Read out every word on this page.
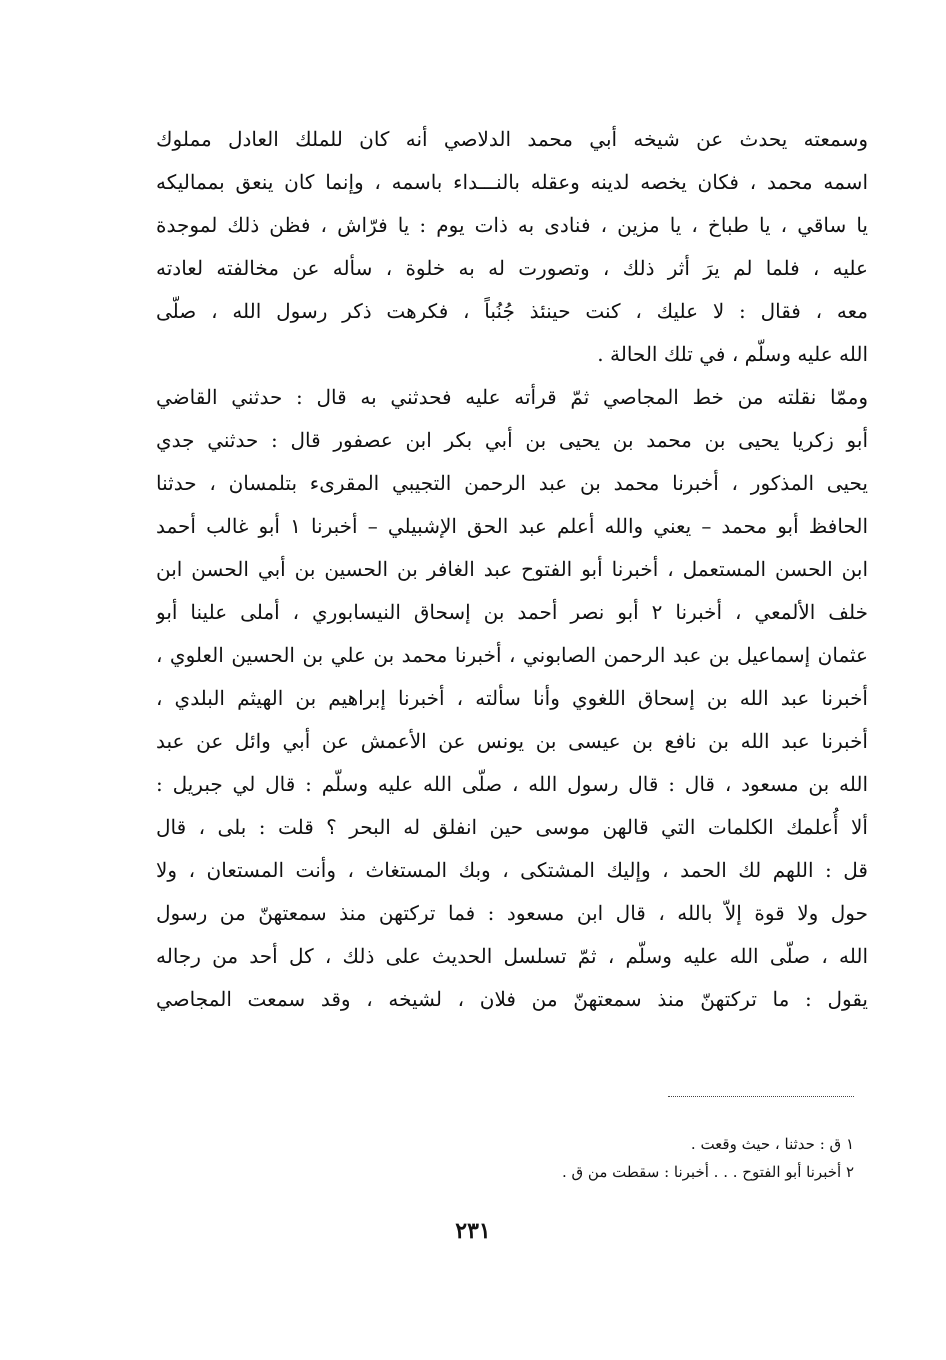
وسمعته يحدث عن شيخه أبي محمد الدلاصي أنه كان للملك العادل مملوك
اسمه محمد ، فكان يخصه لدينه وعقله بالنـــداء باسمه ، وإنما كان ينعق بمماليكه
يا ساقي ، يا طباخ ، يا مزين ، فنادى به ذات يوم : يا فرّاش ، فظن ذلك لموجدة
عليه ، فلما لم يرَ أثر ذلك ، وتصورت له به خلوة ، سأله عن مخالفته لعادته
معه ، فقال : لا عليك ، كنت حينئذ جُنُباً ، فكرهت ذكر رسول الله ، صلّى
الله عليه وسلّم ، في تلك الحالة .
وممّا نقلته من خط المجاصي ثمّ قرأته عليه فحدثني به قال : حدثني القاضي
أبو زكريا يحيى بن محمد بن يحيى بن أبي بكر ابن عصفور قال : حدثني جدي
يحيى المذكور ، أخبرنا محمد بن عبد الرحمن التجيبي المقرىء بتلمسان ، حدثنا
الحافظ أبو محمد – يعني والله أعلم عبد الحق الإشبيلي – أخبرنا ١ أبو غالب أحمد
ابن الحسن المستعمل ، أخبرنا أبو الفتوح عبد الغافر بن الحسين بن أبي الحسن ابن
خلف الألمعي ، أخبرنا ٢ أبو نصر أحمد بن إسحاق النيسابوري ، أملى علينا أبو
عثمان إسماعيل بن عبد الرحمن الصابوني ، أخبرنا محمد بن علي بن الحسين العلوي ،
أخبرنا عبد الله بن إسحاق اللغوي وأنا سألته ، أخبرنا إبراهيم بن الهيثم البلدي ،
أخبرنا عبد الله بن نافع بن عيسى بن يونس عن الأعمش عن أبي وائل عن عبد
الله بن مسعود ، قال : قال رسول الله ، صلّى الله عليه وسلّم : قال لي جبريل :
ألا أُعلمك الكلمات التي قالهن موسى حين انفلق له البحر ؟ قلت : بلى ، قال
قل : اللهم لك الحمد ، وإليك المشتكى ، وبك المستغاث ، وأنت المستعان ، ولا
حول ولا قوة إلاّ بالله ، قال ابن مسعود : فما تركتهن منذ سمعتهنّ من رسول
الله ، صلّى الله عليه وسلّم ، ثمّ تسلسل الحديث على ذلك ، كل أحد من رجاله
يقول : ما تركتهنّ منذ سمعتهنّ من فلان ، لشيخه ، وقد سمعت المجاصي
١ ق : حدثنا ، حيث وقعت .
٢ أخبرنا أبو الفتوح . . . أخبرنا : سقطت من ق .
٢٣١
